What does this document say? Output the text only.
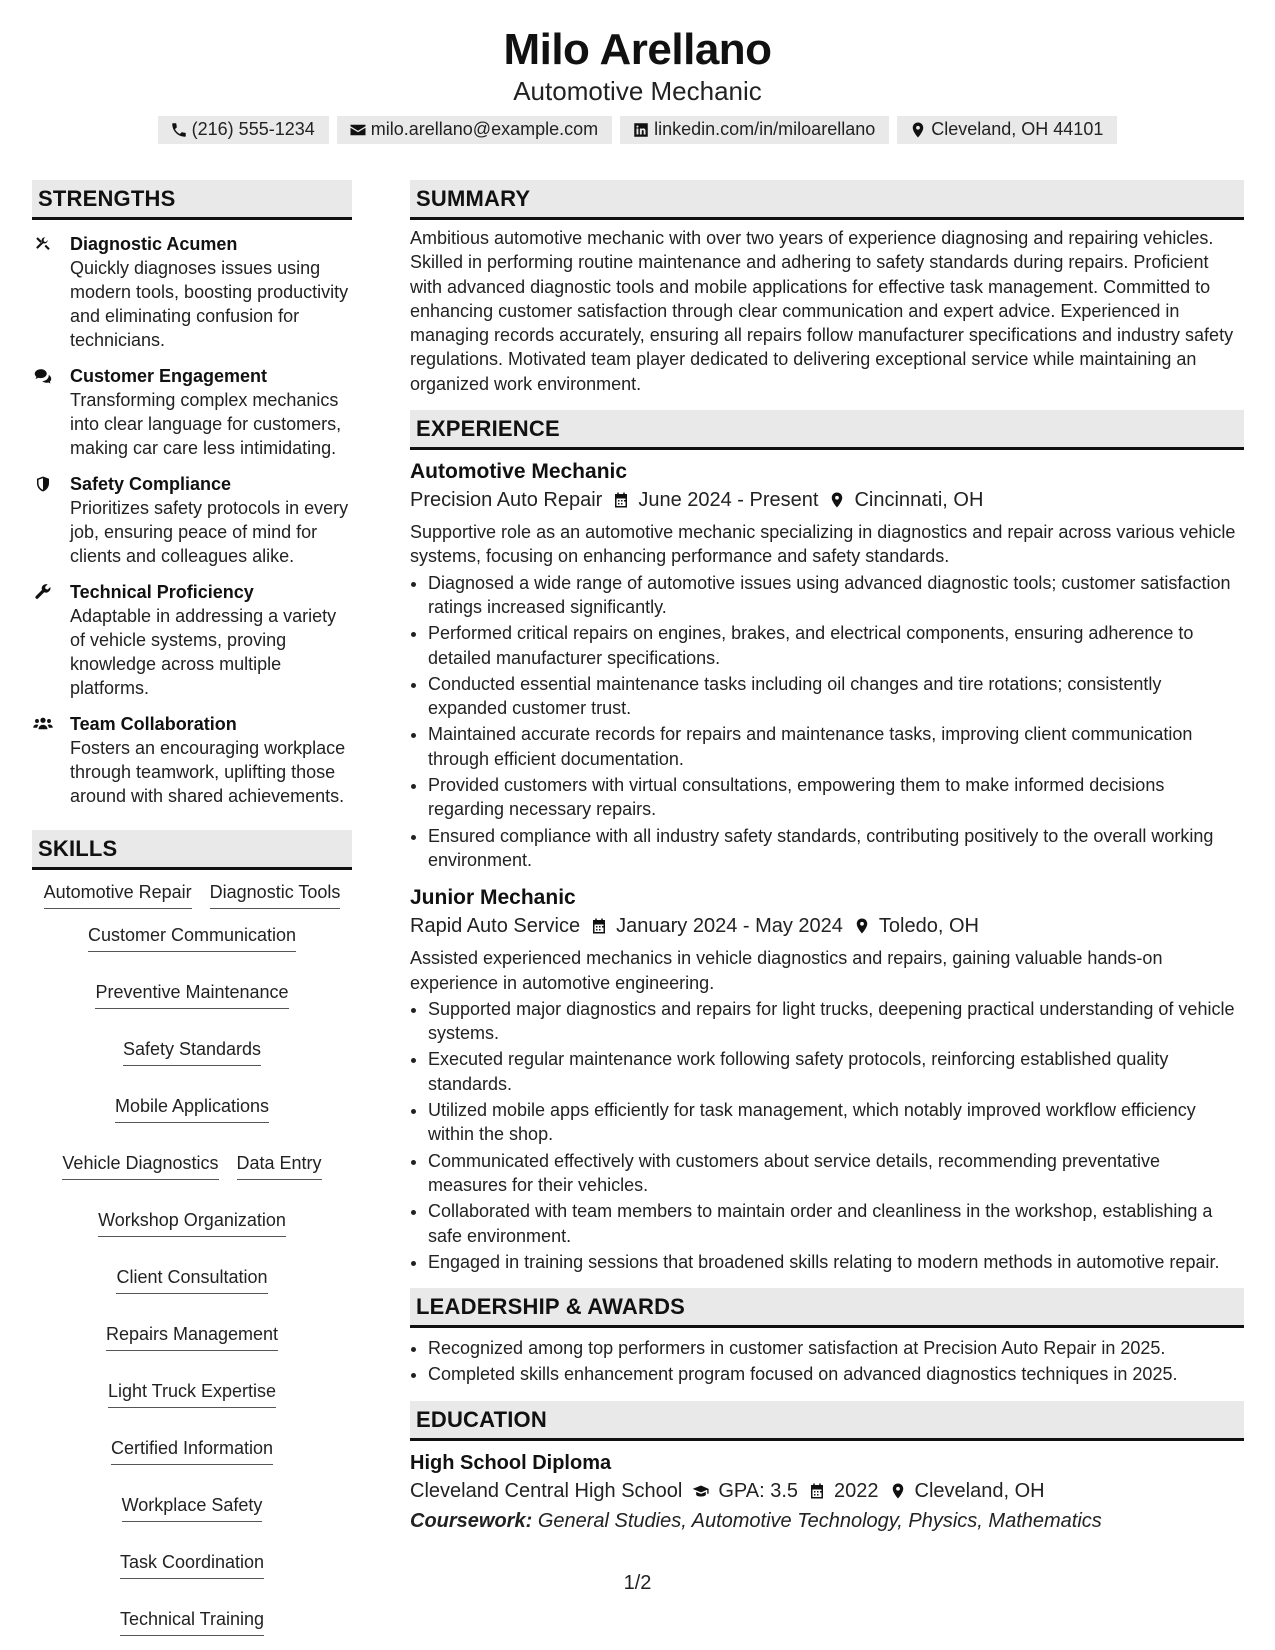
Milo Arellano
Automotive Mechanic
(216) 555-1234	milo.arellano@example.com	linkedin.com/in/miloarellano	Cleveland, OH 44101
STRENGTHS
Diagnostic Acumen
Quickly diagnoses issues using modern tools, boosting productivity and eliminating confusion for technicians.
Customer Engagement
Transforming complex mechanics into clear language for customers, making car care less intimidating.
Safety Compliance
Prioritizes safety protocols in every job, ensuring peace of mind for clients and colleagues alike.
Technical Proficiency
Adaptable in addressing a variety of vehicle systems, proving knowledge across multiple platforms.
Team Collaboration
Fosters an encouraging workplace through teamwork, uplifting those around with shared achievements.
SKILLS
Automotive Repair Diagnostic Tools
Customer Communication
Preventive Maintenance
Safety Standards
Mobile Applications
Vehicle Diagnostics Data Entry
Workshop Organization
Client Consultation
Repairs Management
Light Truck Expertise
Certified Information
Workplace Safety
Task Coordination
Technical Training
SUMMARY

Ambitious automotive mechanic with over two years of experience diagnosing and repairing vehicles. Skilled in performing routine maintenance and adhering to safety standards during repairs. Proficient with advanced diagnostic tools and mobile applications for effective task management. Committed to enhancing customer satisfaction through clear communication and expert advice. Experienced in managing records accurately, ensuring all repairs follow manufacturer specifications and industry safety regulations. Motivated team player dedicated to delivering exceptional service while maintaining an organized work environment.

EXPERIENCE
Automotive Mechanic
Precision Auto Repair June 2024 - Present Cincinnati, OH

Supportive role as an automotive mechanic specializing in diagnostics and repair across various vehicle systems, focusing on enhancing performance and safety standards.

• Diagnosed a wide range of automotive issues using advanced diagnostic tools; customer satisfaction ratings increased significantly.
• Performed critical repairs on engines, brakes, and electrical components, ensuring adherence to detailed manufacturer specifications.
• Conducted essential maintenance tasks including oil changes and tire rotations; consistently expanded customer trust.
• Maintained accurate records for repairs and maintenance tasks, improving client communication through efficient documentation.
• Provided customers with virtual consultations, empowering them to make informed decisions regarding necessary repairs.
• Ensured compliance with all industry safety standards, contributing positively to the overall working environment.
Junior Mechanic
Rapid Auto Service January 2024 - May 2024 Toledo, OH

Assisted experienced mechanics in vehicle diagnostics and repairs, gaining valuable hands-on experience in automotive engineering.

• Supported major diagnostics and repairs for light trucks, deepening practical understanding of vehicle systems.
• Executed regular maintenance work following safety protocols, reinforcing established quality standards.
• Utilized mobile apps efficiently for task management, which notably improved workflow efficiency within the shop.
• Communicated effectively with customers about service details, recommending preventative measures for their vehicles.
• Collaborated with team members to maintain order and cleanliness in the workshop, establishing a safe environment.
• Engaged in training sessions that broadened skills relating to modern methods in automotive repair.
LEADERSHIP & AWARDS
• Recognized among top performers in customer satisfaction at Precision Auto Repair in 2025.
• Completed skills enhancement program focused on advanced diagnostics techniques in 2025.
EDUCATION
High School Diploma
Cleveland Central High School GPA: 3.5 2022 Cleveland, OH
Coursework: General Studies, Automotive Technology, Physics, Mathematics
1/2
